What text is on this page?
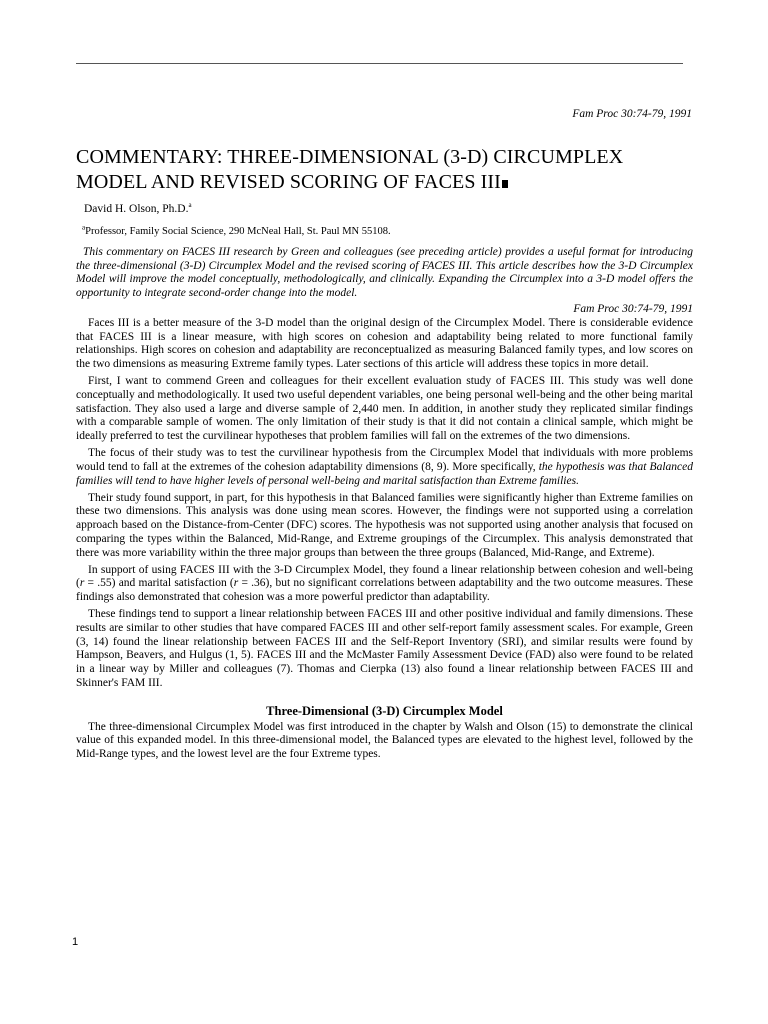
Fam Proc 30:74-79, 1991
COMMENTARY: THREE-DIMENSIONAL (3-D) CIRCUMPLEX MODEL AND REVISED SCORING OF FACES III
David H. Olson, Ph.D.$^a$
$^a$Professor, Family Social Science, 290 McNeal Hall, St. Paul MN 55108.

This commentary on FACES III research by Green and colleagues (see preceding article) provides a useful format for introducing the three-dimensional (3-D) Circumplex Model and the revised scoring of FACES III. This article describes how the 3-D Circumplex Model will improve the model conceptually, methodologically, and clinically. Expanding the Circumplex into a 3-D model offers the opportunity to integrate second-order change into the model.

Fam Proc 30:74-79, 1991

Faces III is a better measure of the 3-D model than the original design of the Circumplex Model. There is considerable evidence that FACES III is a linear measure, with high scores on cohesion and adaptability being related to more functional family relationships. High scores on cohesion and adaptability are reconceptualized as measuring Balanced family types, and low scores on the two dimensions as measuring Extreme family types. Later sections of this article will address these topics in more detail.

First, I want to commend Green and colleagues for their excellent evaluation study of FACES III. This study was well done conceptually and methodologically. It used two useful dependent variables, one being personal well-being and the other being marital satisfaction. They also used a large and diverse sample of 2,440 men. In addition, in another study they replicated similar findings with a comparable sample of women. The only limitation of their study is that it did not contain a clinical sample, which might be ideally preferred to test the curvilinear hypotheses that problem families will fall on the extremes of the two dimensions.

The focus of their study was to test the curvilinear hypothesis from the Circumplex Model that individuals with more problems would tend to fall at the extremes of the cohesion adaptability dimensions (8, 9). More specifically, the hypothesis was that Balanced families will tend to have higher levels of personal well-being and marital satisfaction than Extreme families.

Their study found support, in part, for this hypothesis in that Balanced families were significantly higher than Extreme families on these two dimensions. This analysis was done using mean scores. However, the findings were not supported using a correlation approach based on the Distance-from-Center (DFC) scores. The hypothesis was not supported using another analysis that focused on comparing the types within the Balanced, Mid-Range, and Extreme groupings of the Circumplex. This analysis demonstrated that there was more variability within the three major groups than between the three groups (Balanced, Mid-Range, and Extreme).

In support of using FACES III with the 3-D Circumplex Model, they found a linear relationship between cohesion and well-being (r = .55) and marital satisfaction (r = .36), but no significant correlations between adaptability and the two outcome measures. These findings also demonstrated that cohesion was a more powerful predictor than adaptability.

These findings tend to support a linear relationship between FACES III and other positive individual and family dimensions. These results are similar to other studies that have compared FACES III and other self-report family assessment scales. For example, Green (3, 14) found the linear relationship between FACES III and the Self-Report Inventory (SRI), and similar results were found by Hampson, Beavers, and Hulgus (1, 5). FACES III and the McMaster Family Assessment Device (FAD) also were found to be related in a linear way by Miller and colleagues (7). Thomas and Cierpka (13) also found a linear relationship between FACES III and Skinner's FAM III.

Three-Dimensional (3-D) Circumplex Model

The three-dimensional Circumplex Model was first introduced in the chapter by Walsh and Olson (15) to demonstrate the clinical value of this expanded model. In this three-dimensional model, the Balanced types are elevated to the highest level, followed by the Mid-Range types, and the lowest level are the four Extreme types.

1
